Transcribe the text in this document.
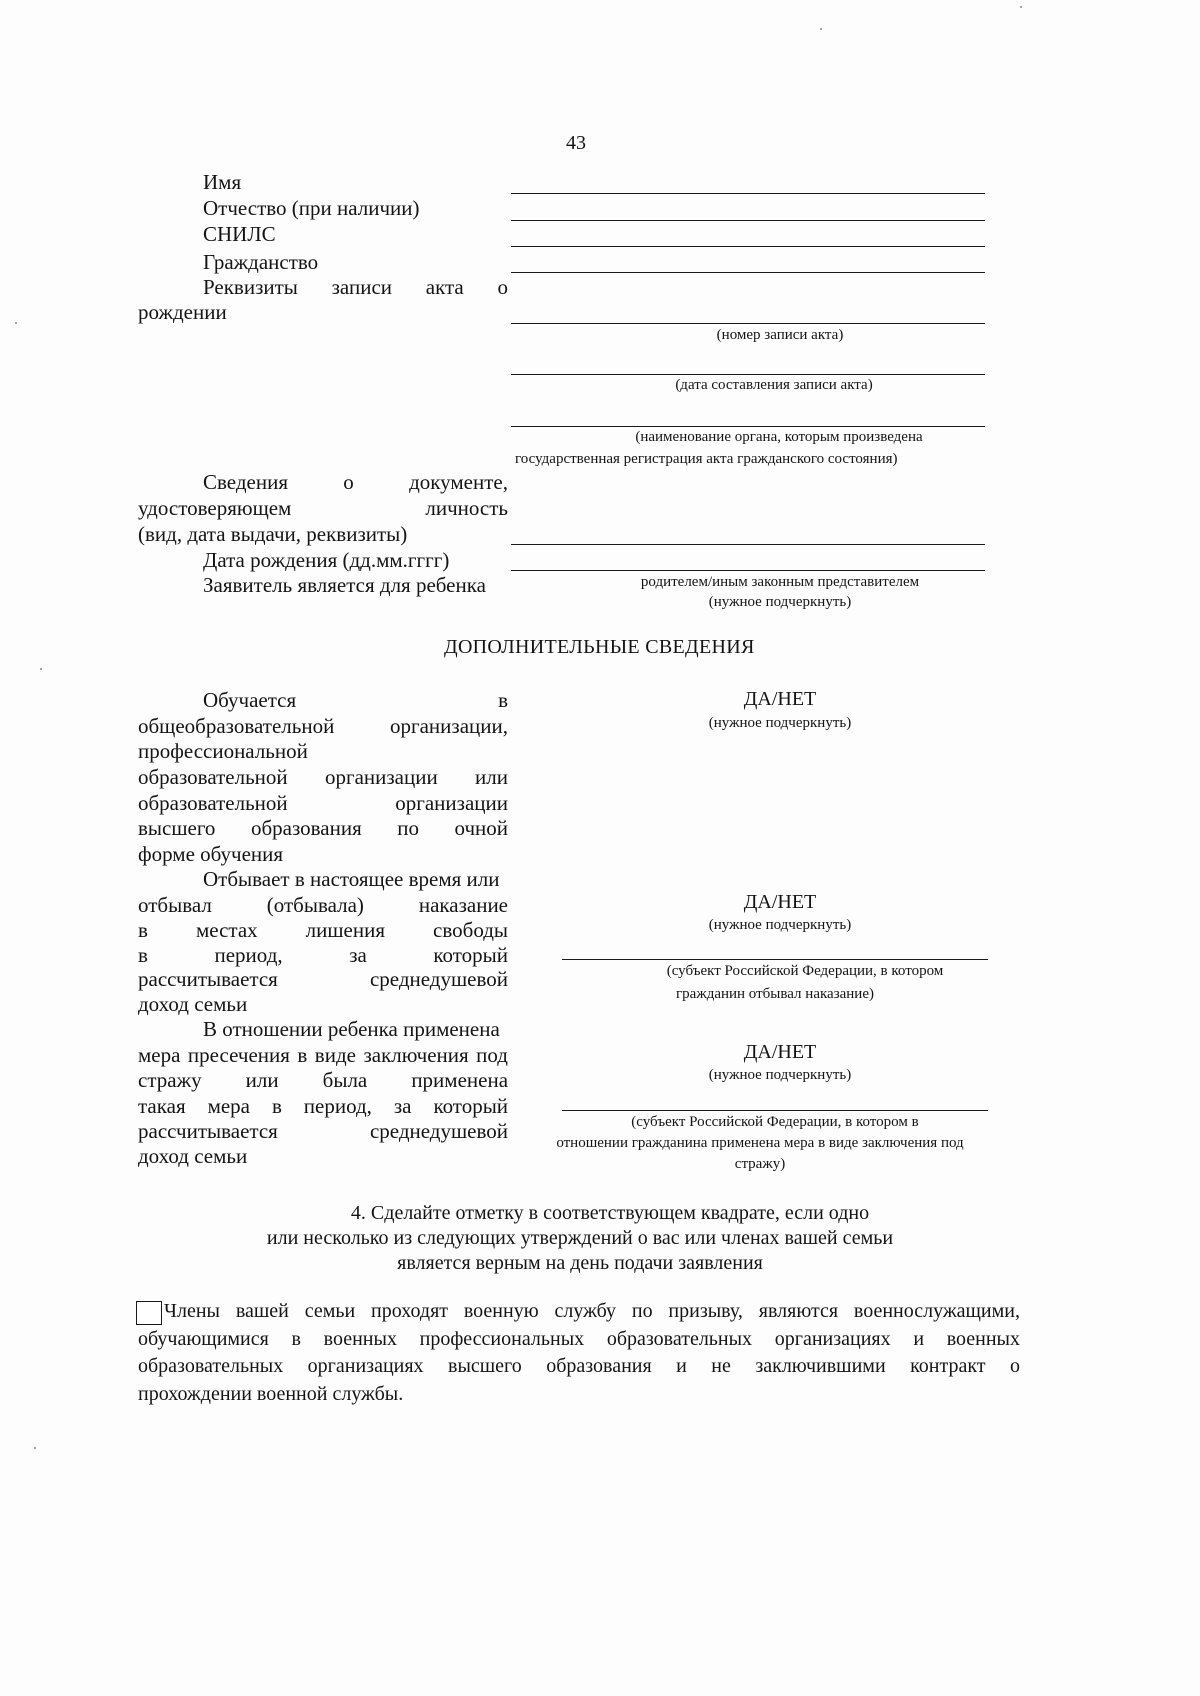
43
Имя
Отчество (при наличии)
СНИЛС
Гражданство
Реквизиты записи акта о
рождении
(номер записи акта)
(дата составления записи акта)
(наименование органа, которым произведена
государственная регистрация акта гражданского состояния)
Сведения	о	документе,
удостоверяющем	личность
(вид, дата выдачи, реквизиты)
Дата рождения (дд.мм.гггг)
Заявитель является для ребенка	родителем/иным законным представителем
(нужное подчеркнуть)
ДОПОЛНИТЕЛЬНЫЕ СВЕДЕНИЯ
Обучается	в
общеобразовательной	организации,
профессиональной
образовательной организации или
образовательной	организации
высшего образования по очной
форме обучения
ДА/НЕТ
(нужное подчеркнуть)
Отбывает в настоящее время или
отбывал	(отбывала)	наказание
в местах лишения свободы
в	период,	за	который
рассчитывается	среднедушевой
доход семьи
ДА/НЕТ
(нужное подчеркнуть)
(субъект Российской Федерации, в котором
гражданин отбывал наказание)
В отношении ребенка применена
мера пресечения в виде заключения под
стражу или была применена
такая мера в период, за который
рассчитывается	среднедушевой
доход семьи
ДА/НЕТ
(нужное подчеркнуть)
(субъект Российской Федерации, в котором в
отношении гражданина применена мера в виде заключения под
стражу)
4. Сделайте отметку в соответствующем квадрате, если одно
или несколько из следующих утверждений о вас или членах вашей семьи
является верным на день подачи заявления
Члены вашей семьи проходят военную службу по призыву, являются военнослужащими,
обучающимися в военных профессиональных образовательных организациях и военных
образовательных организациях высшего образования и не заключившими контракт о
прохождении военной службы.
